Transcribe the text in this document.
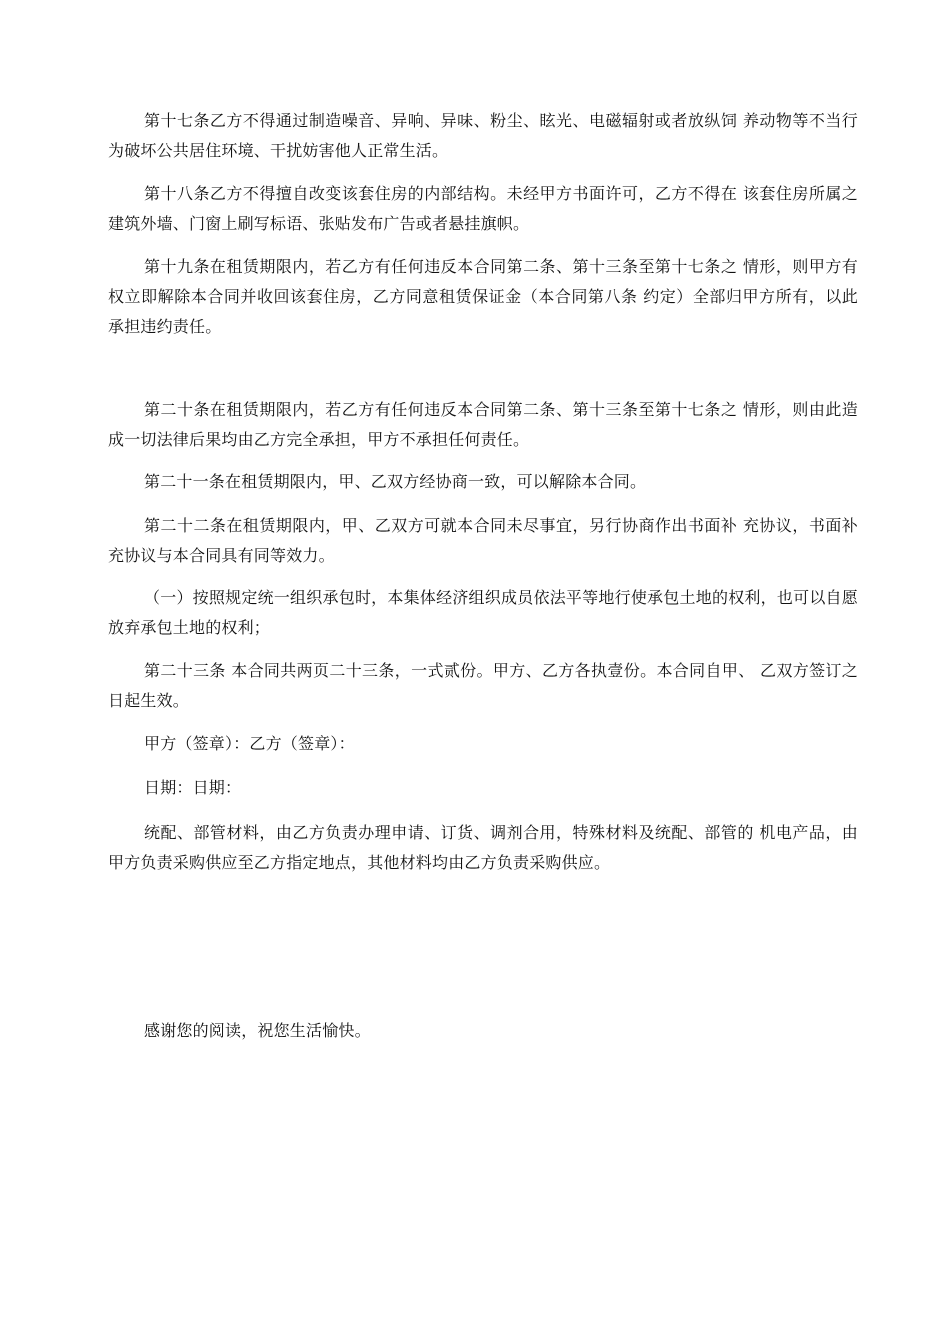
第十七条乙方不得通过制造噪音、异响、异味、粉尘、眩光、电磁辐射或者放纵饲 养动物等不当行为破坏公共居住环境、干扰妨害他人正常生活。

第十八条乙方不得擅自改变该套住房的内部结构。未经甲方书面许可，乙方不得在 该套住房所属之建筑外墙、门窗上刷写标语、张贴发布广告或者悬挂旗帜。

第十九条在租赁期限内，若乙方有任何违反本合同第二条、第十三条至第十七条之 情形，则甲方有权立即解除本合同并收回该套住房，乙方同意租赁保证金（本合同第八条 约定）全部归甲方所有，以此承担违约责任。

第二十条在租赁期限内，若乙方有任何违反本合同第二条、第十三条至第十七条之 情形，则由此造成一切法律后果均由乙方完全承担，甲方不承担任何责任。

第二十一条在租赁期限内，甲、乙双方经协商一致，可以解除本合同。

第二十二条在租赁期限内，甲、乙双方可就本合同未尽事宜，另行协商作出书面补 充协议，书面补充协议与本合同具有同等效力。

（一）按照规定统一组织承包时，本集体经济组织成员依法平等地行使承包土地的权利，也可以自愿放弃承包土地的权利；

第二十三条 本合同共两页二十三条，一式贰份。甲方、乙方各执壹份。本合同自甲、 乙双方签订之日起生效。

甲方（签章）：乙方（签章）：

日期：日期：

统配、部管材料，由乙方负责办理申请、订货、调剂合用，特殊材料及统配、部管的 机电产品，由甲方负责采购供应至乙方指定地点，其他材料均由乙方负责采购供应。

感谢您的阅读，祝您生活愉快。
